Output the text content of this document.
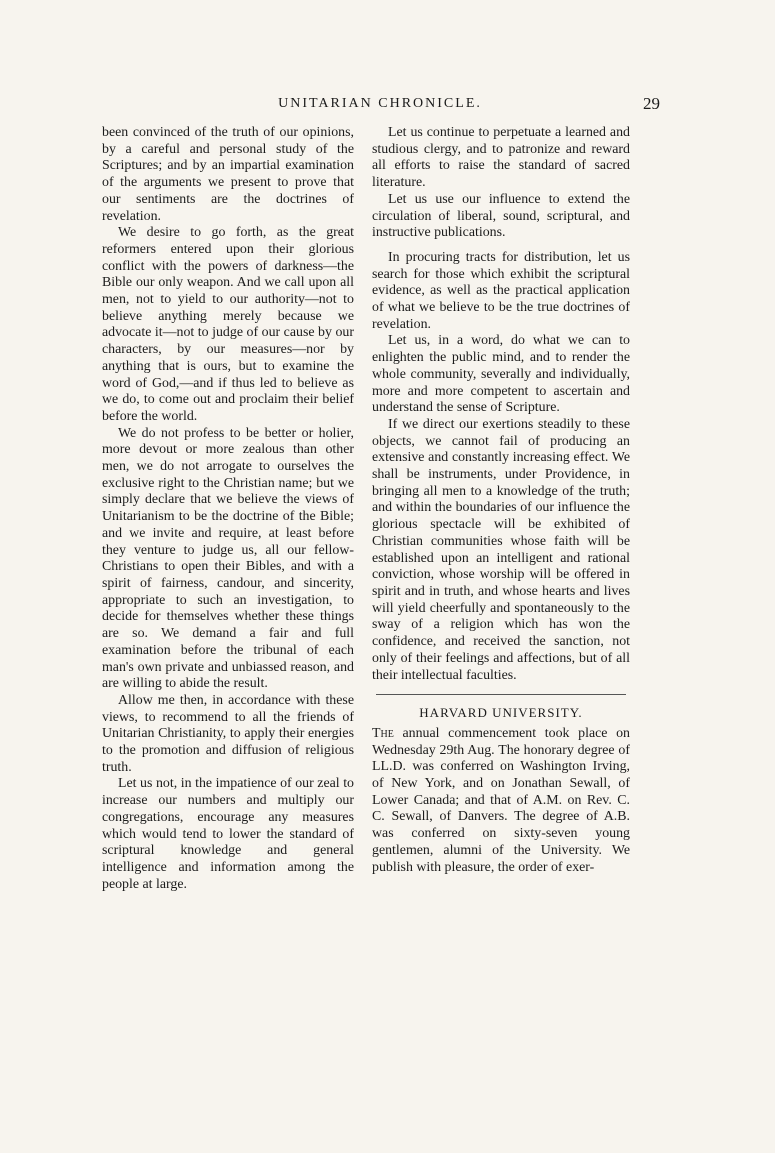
UNITARIAN CHRONICLE.	29

been convinced of the truth of our opinions, by a careful and personal study of the Scriptures; and by an impartial examination of the arguments we present to prove that our sentiments are the doctrines of revelation.

We desire to go forth, as the great reformers entered upon their glorious conflict with the powers of darkness—the Bible our only weapon. And we call upon all men, not to yield to our authority—not to believe anything merely because we advocate it—not to judge of our cause by our characters, by our measures—nor by anything that is ours, but to examine the word of God,—and if thus led to believe as we do, to come out and proclaim their belief before the world.

We do not profess to be better or holier, more devout or more zealous than other men, we do not arrogate to ourselves the exclusive right to the Christian name; but we simply declare that we believe the views of Unitarianism to be the doctrine of the Bible; and we invite and require, at least before they venture to judge us, all our fellow-Christians to open their Bibles, and with a spirit of fairness, candour, and sincerity, appropriate to such an investigation, to decide for themselves whether these things are so. We demand a fair and full examination before the tribunal of each man's own private and unbiassed reason, and are willing to abide the result.

Allow me then, in accordance with these views, to recommend to all the friends of Unitarian Christianity, to apply their energies to the promotion and diffusion of religious truth.

Let us not, in the impatience of our zeal to increase our numbers and multiply our congregations, encourage any measures which would tend to lower the standard of scriptural knowledge and general intelligence and information among the people at large.

Let us continue to perpetuate a learned and studious clergy, and to patronize and reward all efforts to raise the standard of sacred literature.

Let us use our influence to extend the circulation of liberal, sound, scriptural, and instructive publications.

In procuring tracts for distribution, let us search for those which exhibit the scriptural evidence, as well as the practical application of what we believe to be the true doctrines of revelation.

Let us, in a word, do what we can to enlighten the public mind, and to render the whole community, severally and individually, more and more competent to ascertain and understand the sense of Scripture.

If we direct our exertions steadily to these objects, we cannot fail of producing an extensive and constantly increasing effect. We shall be instruments, under Providence, in bringing all men to a knowledge of the truth; and within the boundaries of our influence the glorious spectacle will be exhibited of Christian communities whose faith will be established upon an intelligent and rational conviction, whose worship will be offered in spirit and in truth, and whose hearts and lives will yield cheerfully and spontaneously to the sway of a religion which has won the confidence, and received the sanction, not only of their feelings and affections, but of all their intellectual faculties.

HARVARD UNIVERSITY.

The annual commencement took place on Wednesday 29th Aug. The honorary degree of LL.D. was conferred on Washington Irving, of New York, and on Jonathan Sewall, of Lower Canada; and that of A.M. on Rev. C. C. Sewall, of Danvers. The degree of A.B. was conferred on sixty-seven young gentlemen, alumni of the University. We publish with pleasure, the order of exer-
